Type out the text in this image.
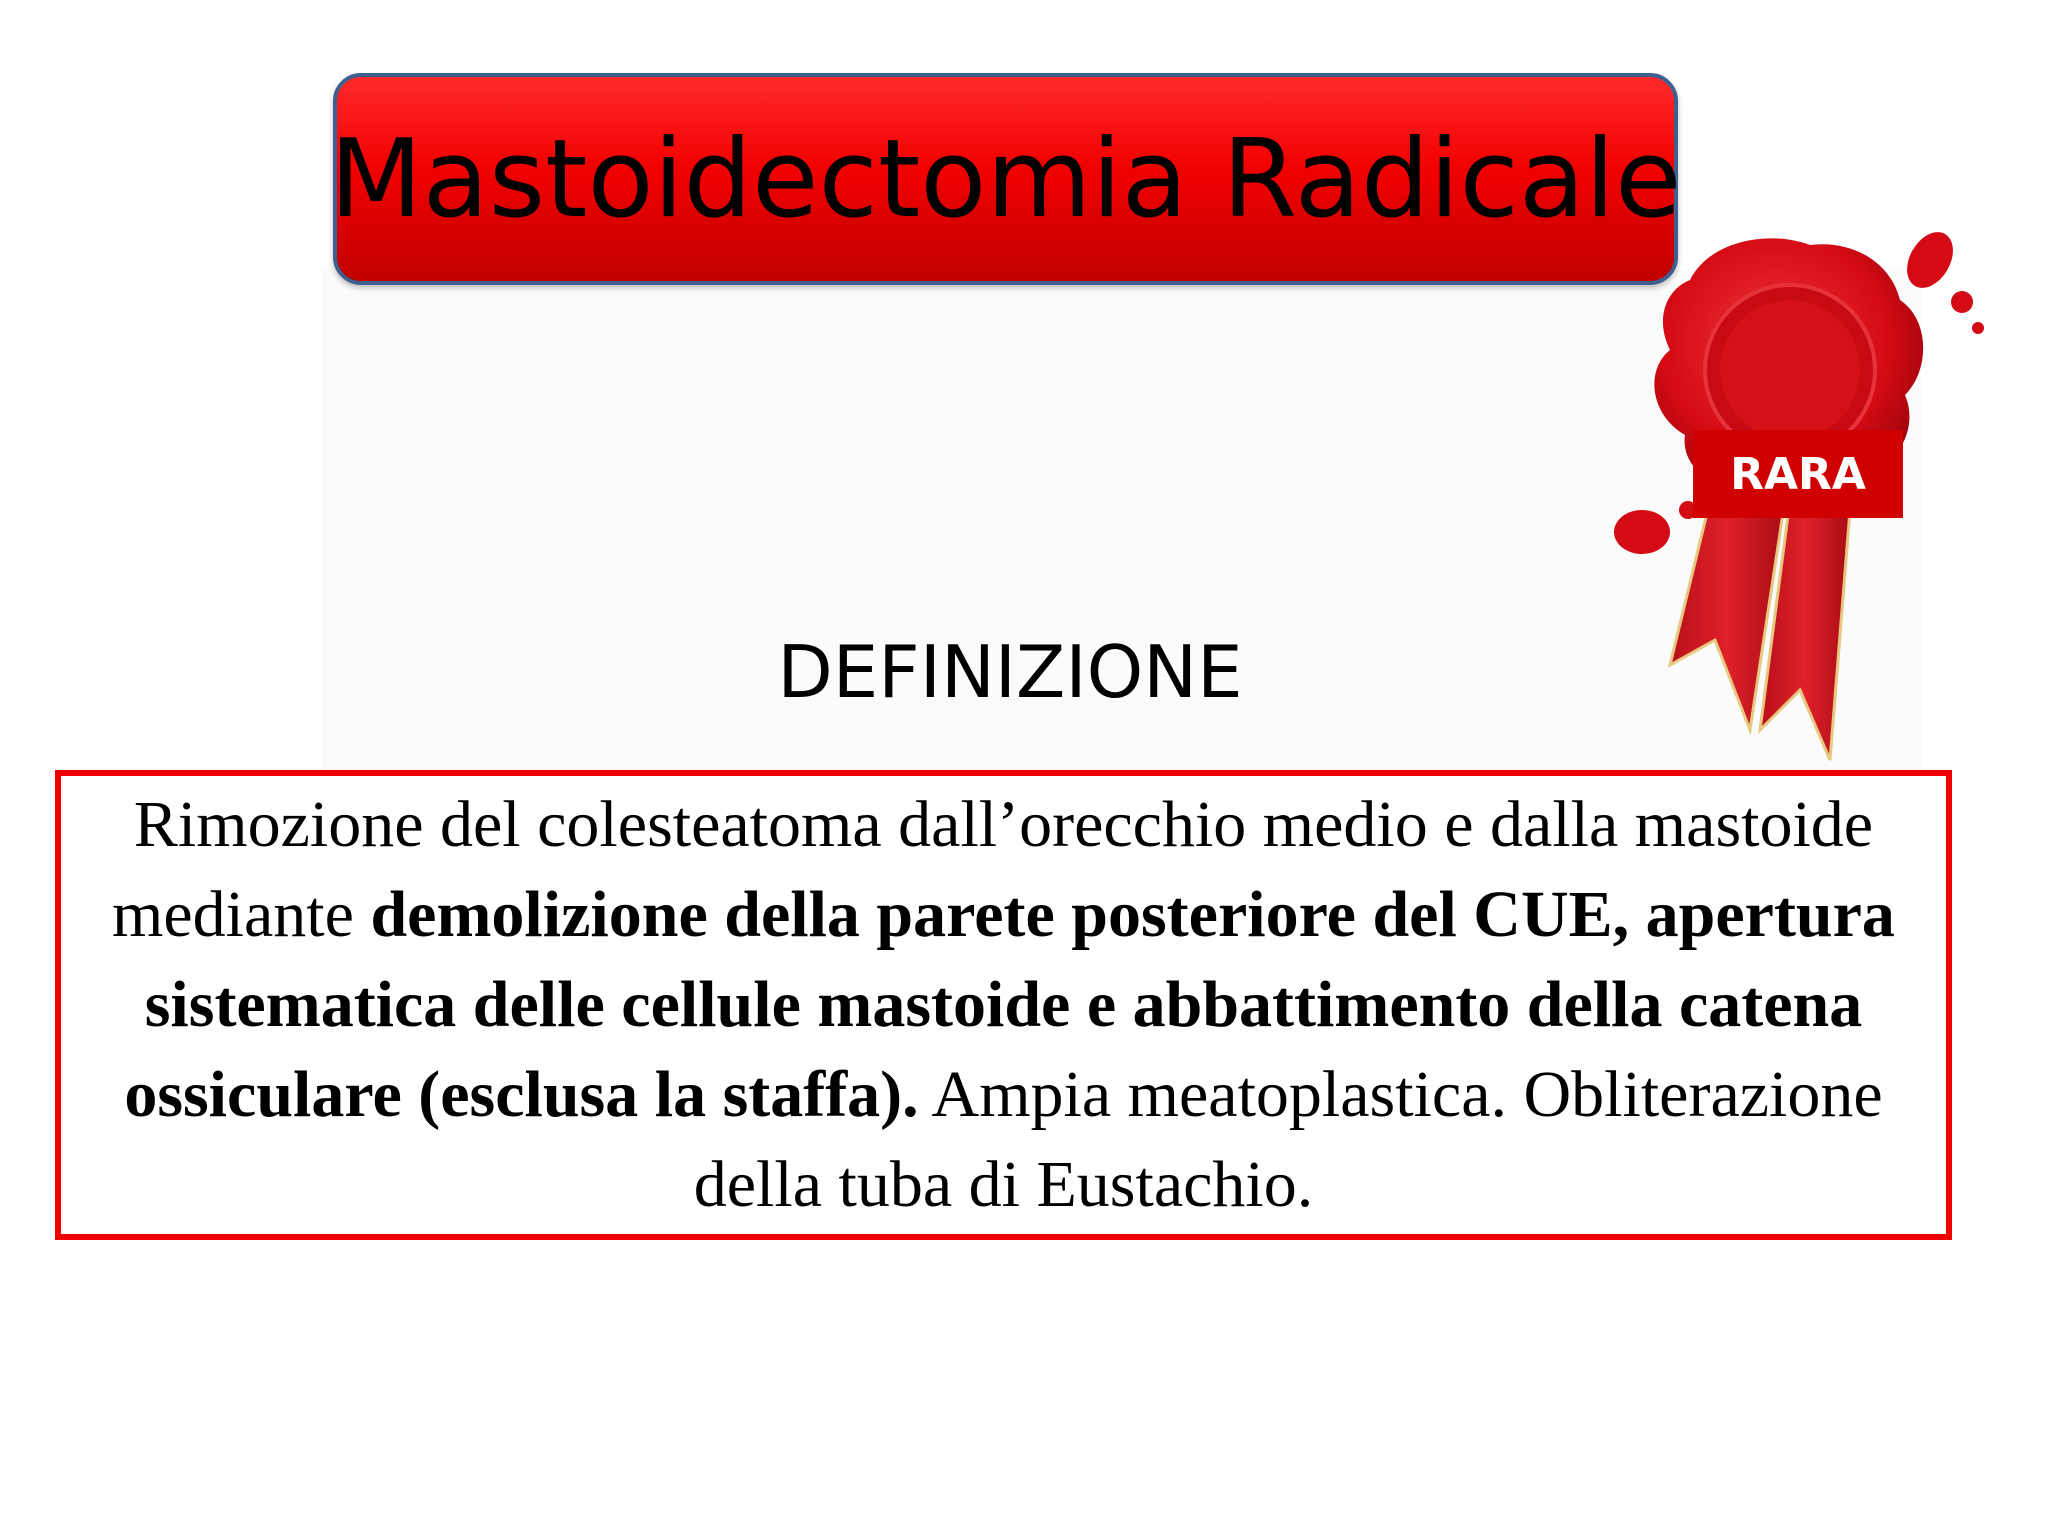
Mastoidectomia Radicale
RARA
DEFINIZIONE
Rimozione del colesteatoma dall’orecchio medio e dalla mastoide mediante demolizione della parete posteriore del CUE, apertura sistematica delle cellule mastoide e abbattimento della catena ossiculare (esclusa la staffa). Ampia meatoplastica. Obliterazione della tuba di Eustachio.
